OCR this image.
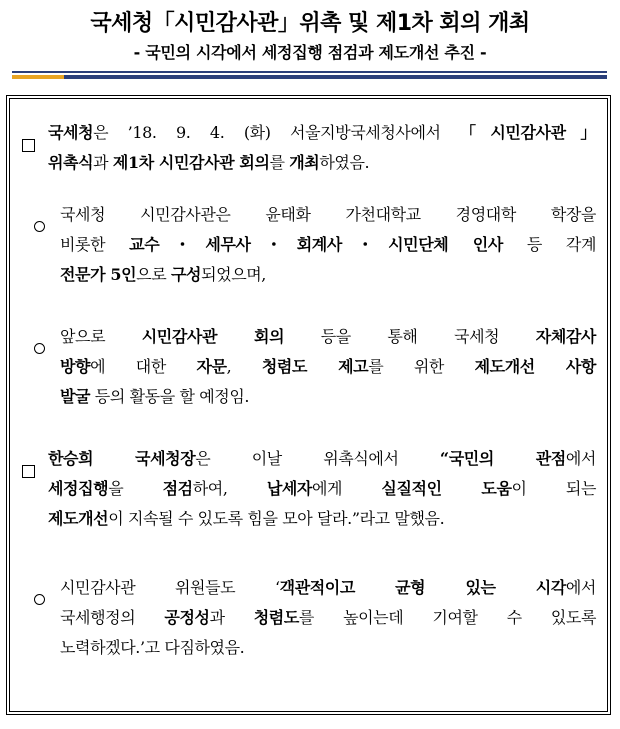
국세청「시민감사관」위촉 및 제1차 회의 개최
- 국민의 시각에서 세정집행 점검과 제도개선 추진 -
국세청은 ’18. 9. 4. (화) 서울지방국세청사에서 「시민감사관」
위촉식과 제1차 시민감사관 회의를 개최하였음.
국세청 시민감사관은 윤태화 가천대학교 경영대학 학장을
비롯한 교수･세무사･회계사･시민단체 인사 등 각계
전문가 5인으로 구성되었으며,
앞으로 시민감사관 회의 등을 통해 국세청 자체감사
방향에 대한 자문, 청렴도 제고를 위한 제도개선 사항
발굴 등의 활동을 할 예정임.
한승희 국세청장은 이날 위촉식에서 “국민의 관점에서
세정집행을 점검하여, 납세자에게 실질적인 도움이 되는
제도개선이 지속될 수 있도록 힘을 모아 달라.”라고 말했음.
시민감사관 위원들도 ‘객관적이고 균형 있는 시각에서
국세행정의 공정성과 청렴도를 높이는데 기여할 수 있도록
노력하겠다.’고 다짐하였음.
